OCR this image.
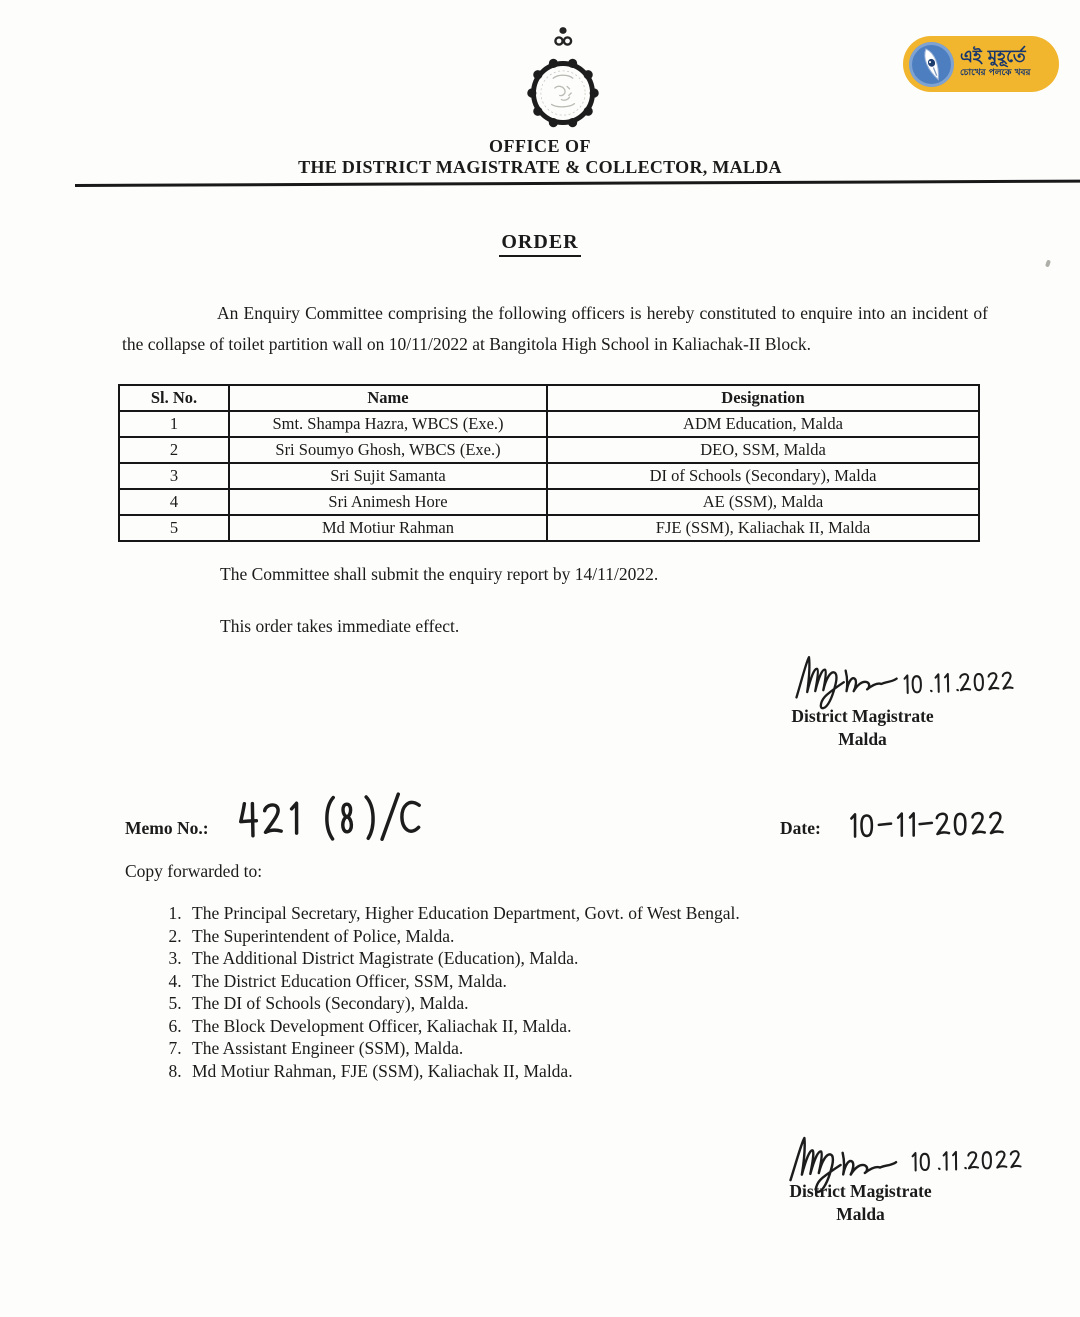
এই মুহূর্তে
চোখের পলকে খবর
OFFICE OF
THE DISTRICT MAGISTRATE & COLLECTOR, MALDA
ORDER

An Enquiry Committee comprising the following officers is hereby constituted to enquire into an incident of the collapse of toilet partition wall on 10/11/2022 at Bangitola High School in Kaliachak-II Block.

Sl. No.	Name	Designation
1	Smt. Shampa Hazra, WBCS (Exe.)	ADM Education, Malda
2	Sri Soumyo Ghosh, WBCS (Exe.)	DEO, SSM, Malda
3	Sri Sujit Samanta	DI of Schools (Secondary), Malda
4	Sri Animesh Hore	AE (SSM), Malda
5	Md Motiur Rahman	FJE (SSM), Kaliachak II, Malda
The Committee shall submit the enquiry report by 14/11/2022.
This order takes immediate effect.
District Magistrate
Malda
Memo No.:	Date:
Copy forwarded to:
1. The Principal Secretary, Higher Education Department, Govt. of West Bengal.
2. The Superintendent of Police, Malda.
3. The Additional District Magistrate (Education), Malda.
4. The District Education Officer, SSM, Malda.
5. The DI of Schools (Secondary), Malda.
6. The Block Development Officer, Kaliachak II, Malda.
7. The Assistant Engineer (SSM), Malda.
8. Md Motiur Rahman, FJE (SSM), Kaliachak II, Malda.
District Magistrate
Malda
